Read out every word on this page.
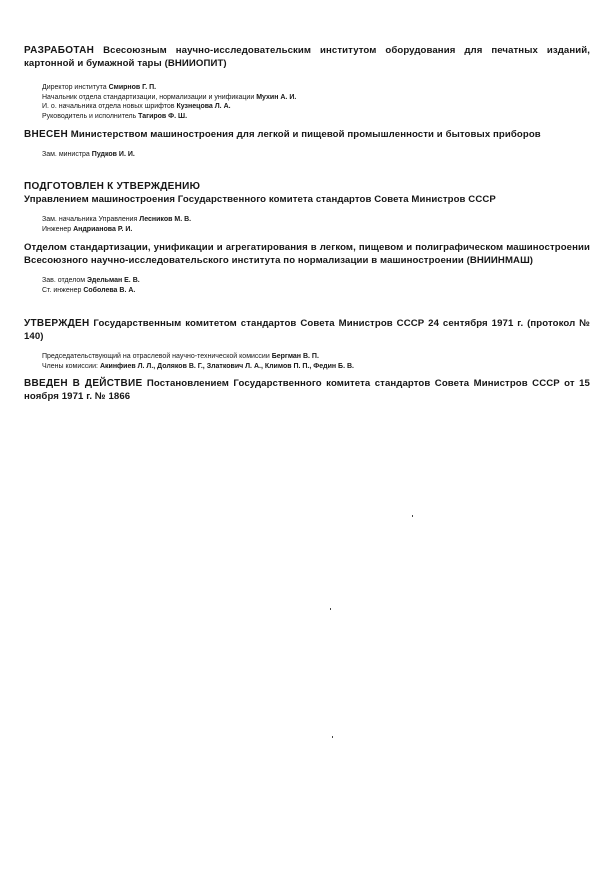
РАЗРАБОТАН Всесоюзным научно-исследовательским институтом оборудования для печатных изданий, картонной и бумажной тары (ВНИИОПИТ)
Директор института Смирнов Г. П.
Начальник отдела стандартизации, нормализации и унификации Мухин А. И.
И. о. начальника отдела новых шрифтов Кузнецова Л. А.
Руководитель и исполнитель Тагиров Ф. Ш.
ВНЕСЕН Министерством машиностроения для легкой и пищевой промышленности и бытовых приборов
Зам. министра Пудков И. И.
ПОДГОТОВЛЕН К УТВЕРЖДЕНИЮ
Управлением машиностроения Государственного комитета стандартов Совета Министров СССР
Зам. начальника Управления Лесников М. В.
Инженер Андрианова Р. И.
Отделом стандартизации, унификации и агрегатирования в легком, пищевом и полиграфическом машиностроении Всесоюзного научно-исследовательского института по нормализации в машиностроении (ВНИИНМАШ)
Зав. отделом Эдельман Е. В.
Ст. инженер Соболева В. А.
УТВЕРЖДЕН Государственным комитетом стандартов Совета Министров СССР 24 сентября 1971 г. (протокол № 140)
Председательствующий на отраслевой научно-технической комиссии Бергман В. П.
Члены комиссии: Акинфиев Л. Л., Доляков В. Г., Златкович Л. А., Климов П. П., Федин Б. В.
ВВЕДЕН В ДЕЙСТВИЕ Постановлением Государственного комитета стандартов Совета Министров СССР от 15 ноября 1971 г. № 1866
